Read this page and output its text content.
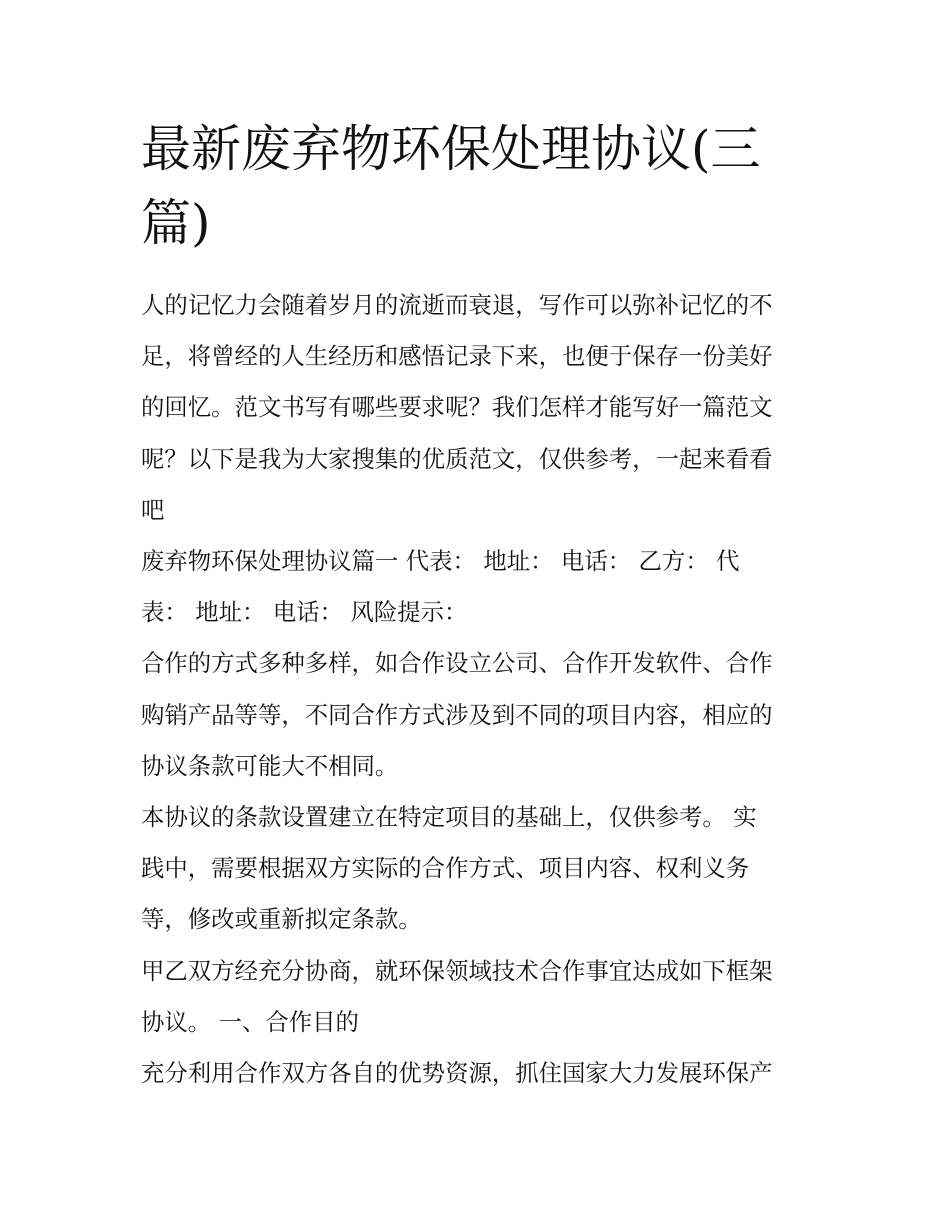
最新废弃物环保处理协议(三
篇)
人的记忆力会随着岁月的流逝而衰退，写作可以弥补记忆的不
足，将曾经的人生经历和感悟记录下来，也便于保存一份美好
的回忆。范文书写有哪些要求呢？我们怎样才能写好一篇范文
呢？以下是我为大家搜集的优质范文，仅供参考，一起来看看
吧
废弃物环保处理协议篇一 代表： 地址： 电话： 乙方： 代
表： 地址： 电话： 风险提示：
合作的方式多种多样，如合作设立公司、合作开发软件、合作
购销产品等等，不同合作方式涉及到不同的项目内容，相应的
协议条款可能大不相同。
本协议的条款设置建立在特定项目的基础上，仅供参考。 实
践中，需要根据双方实际的合作方式、项目内容、权利义务
等，修改或重新拟定条款。
甲乙双方经充分协商，就环保领域技术合作事宜达成如下框架
协议。 一、合作目的
充分利用合作双方各自的优势资源，抓住国家大力发展环保产
